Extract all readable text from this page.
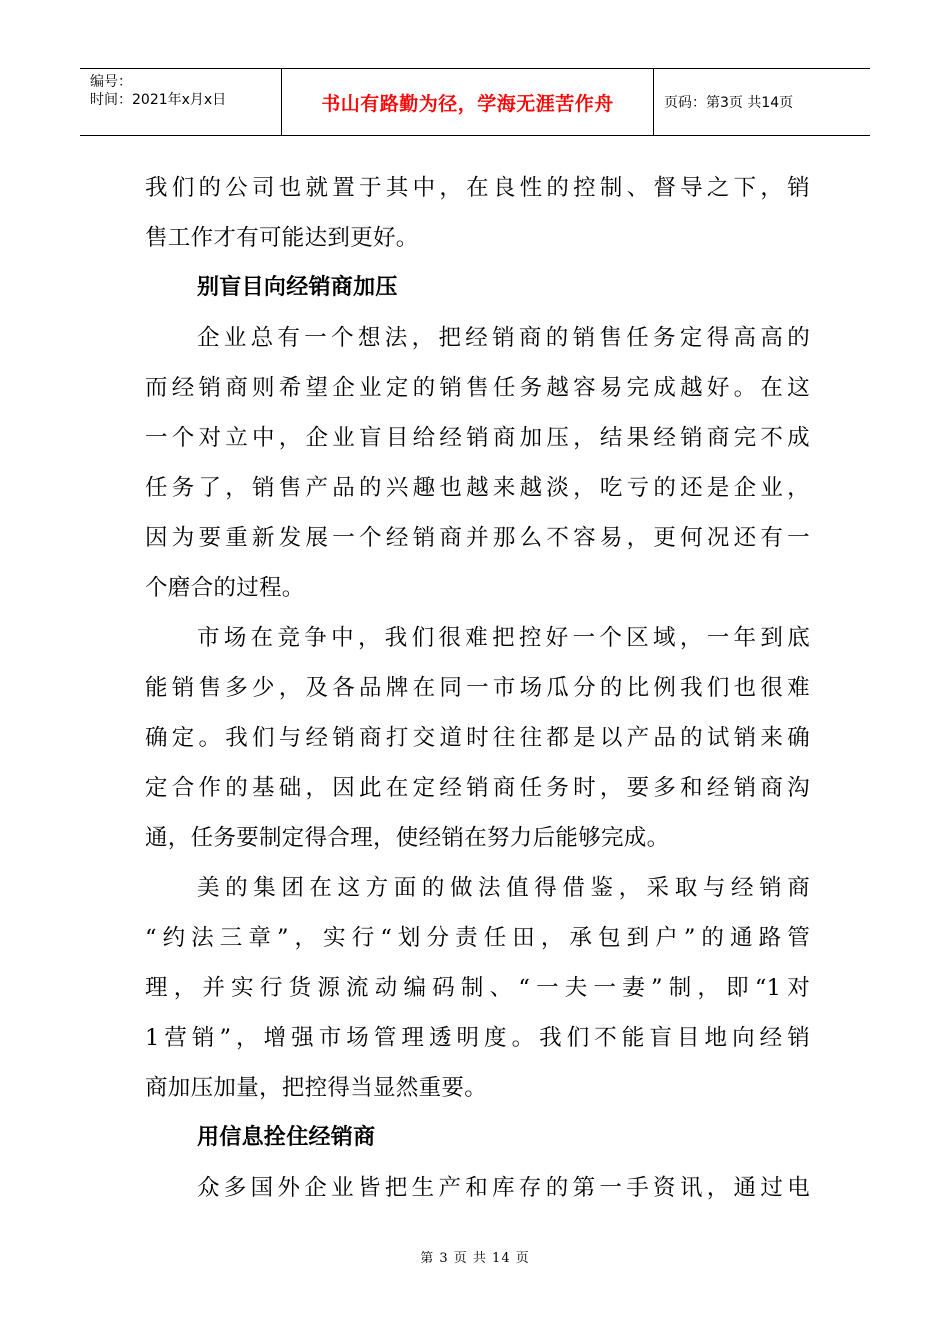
编号：
时间：2021年x月x日	书山有路勤为径，学海无涯苦作舟	页码：第3页 共14页
我们的公司也就置于其中，在良性的控制、督导之下，销
售工作才有可能达到更好。
别盲目向经销商加压
企业总有一个想法，把经销商的销售任务定得高高的
而经销商则希望企业定的销售任务越容易完成越好。在这
一个对立中，企业盲目给经销商加压，结果经销商完不成
任务了，销售产品的兴趣也越来越淡，吃亏的还是企业，
因为要重新发展一个经销商并那么不容易，更何况还有一
个磨合的过程。
市场在竞争中，我们很难把控好一个区域，一年到底
能销售多少，及各品牌在同一市场瓜分的比例我们也很难
确定。我们与经销商打交道时往往都是以产品的试销来确
定合作的基础，因此在定经销商任务时，要多和经销商沟
通，任务要制定得合理，使经销在努力后能够完成。
美的集团在这方面的做法值得借鉴，采取与经销商
“约法三章”，实行“划分责任田，承包到户”的通路管
理，并实行货源流动编码制、“一夫一妻”制，即“1对
1营销”，增强市场管理透明度。我们不能盲目地向经销
商加压加量，把控得当显然重要。
用信息拴住经销商
众多国外企业皆把生产和库存的第一手资讯，通过电
第 3 页 共 14 页
